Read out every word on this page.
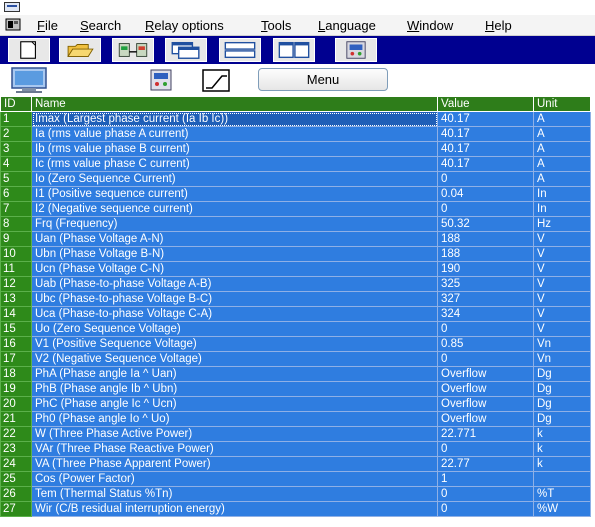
File Search Relay options	Tools Language Window Help
Menu
ID	Name	Value	Unit
1	Imax (Largest phase current (Ia Ib Ic))	40.17	A
2	Ia (rms value phase A current)	40.17	A
3	Ib (rms value phase B current)	40.17	A
4	Ic (rms value phase C current)	40.17	A
5	Io (Zero Sequence Current)	0	A
6	I1 (Positive sequence current)	0.04	In
7	I2 (Negative sequence current)	0	In
8	Frq (Frequency)	50.32	Hz
9	Uan (Phase Voltage A-N)	188	V
10	Ubn (Phase Voltage B-N)	188	V
11	Ucn (Phase Voltage C-N)	190	V
12	Uab (Phase-to-phase Voltage A-B)	325	V
13	Ubc (Phase-to-phase Voltage B-C)	327	V
14	Uca (Phase-to-phase Voltage C-A)	324	V
15	Uo (Zero Sequence Voltage)	0	V
16	V1 (Positive Sequence Voltage)	0.85	Vn
17	V2 (Negative Sequence Voltage)	0	Vn
18	PhA (Phase angle Ia ^ Uan)	Overflow	Dg
19	PhB (Phase angle Ib ^ Ubn)	Overflow	Dg
20	PhC (Phase angle Ic ^ Ucn)	Overflow	Dg
21	Ph0 (Phase angle Io ^ Uo)	Overflow	Dg
22	W (Three Phase Active Power)	22.771	k
23	VAr (Three Phase Reactive Power)	0	k
24	VA (Three Phase Apparent Power)	22.77	k
25	Cos (Power Factor)	1	
26	Tem (Thermal Status %Tn)	0	%T
27	Wir (C/B residual interruption energy)	0	%W
